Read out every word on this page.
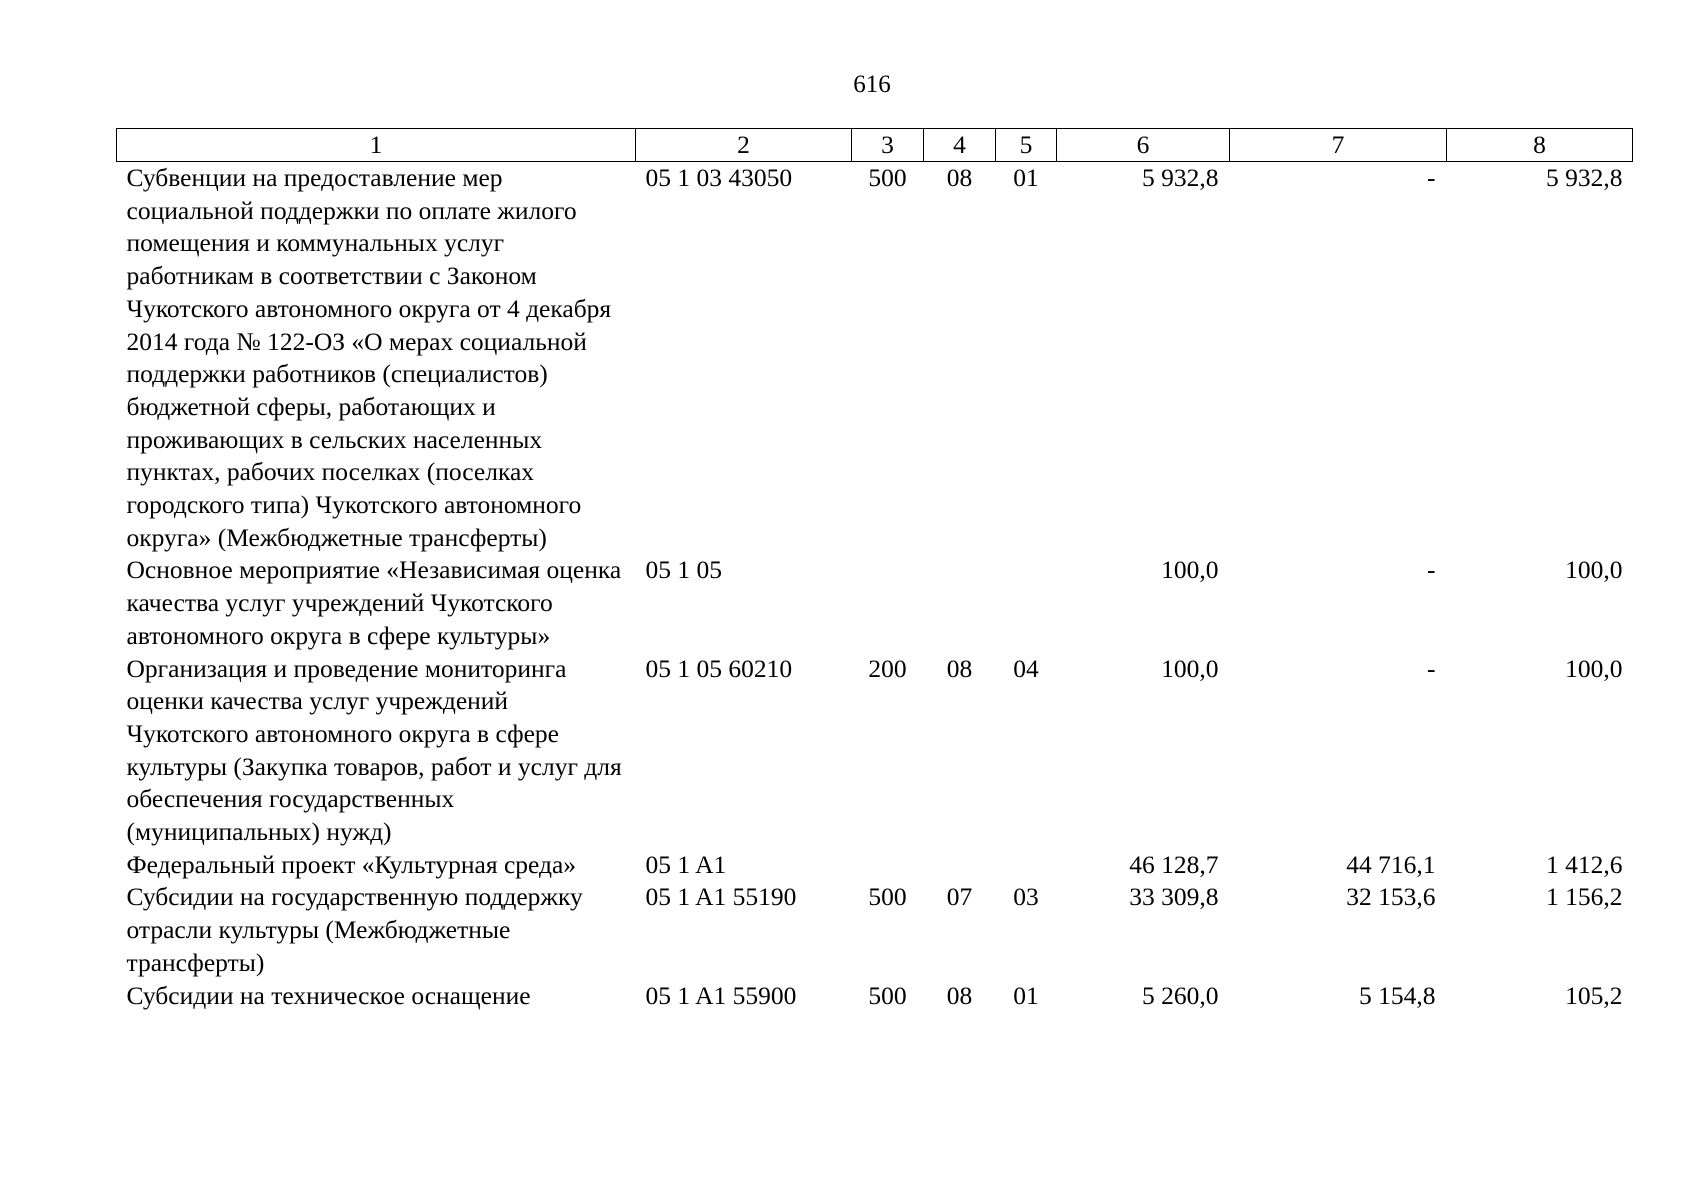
616
1	2	3	4	5	6	7	8
Субвенции на предоставление мер социальной поддержки по оплате жилого помещения и коммунальных услуг работникам в соответствии с Законом Чукотского автономного округа от 4 декабря 2014 года № 122-ОЗ «О мерах социальной поддержки работников (специалистов) бюджетной сферы, работающих и проживающих в сельских населенных пунктах, рабочих поселках (поселках городского типа) Чукотского автономного округа» (Межбюджетные трансферты)	05 1 03 43050	500	08	01	5 932,8	-	5 932,8
Основное мероприятие «Независимая оценка качества услуг учреждений Чукотского автономного округа в сфере культуры»	05 1 05				100,0	-	100,0
Организация и проведение мониторинга оценки качества услуг учреждений Чукотского автономного округа в сфере культуры (Закупка товаров, работ и услуг для обеспечения государственных (муниципальных) нужд)	05 1 05 60210	200	08	04	100,0	-	100,0
Федеральный проект «Культурная среда»	05 1 A1				46 128,7	44 716,1	1 412,6
Субсидии на государственную поддержку отрасли культуры (Межбюджетные трансферты)	05 1 A1 55190	500	07	03	33 309,8	32 153,6	1 156,2
Субсидии на техническое оснащение	05 1 A1 55900	500	08	01	5 260,0	5 154,8	105,2
